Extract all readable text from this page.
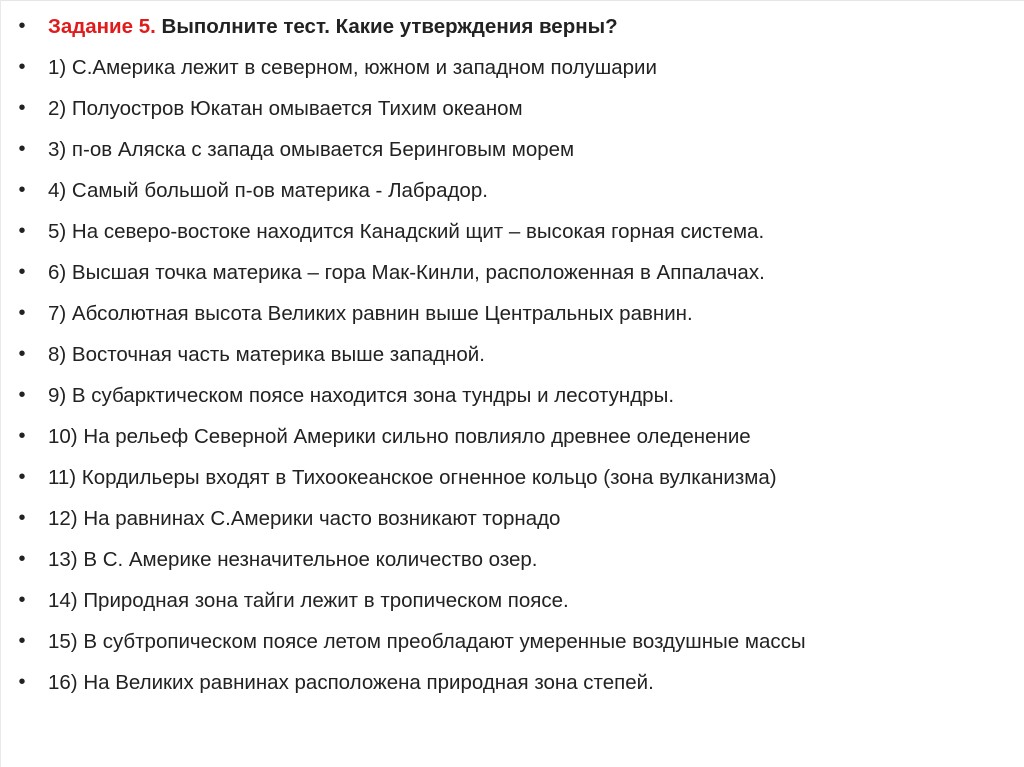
•	Задание 5. Выполните тест. Какие утверждения верны?
•	1) С.Америка лежит в северном, южном и западном полушарии
•	2) Полуостров Юкатан омывается Тихим океаном
•	3) п-ов Аляска с запада омывается Беринговым морем
•	4) Самый большой п-ов материка - Лабрадор.
•	5) На северо-востоке находится Канадский щит – высокая горная система.
•	6) Высшая точка материка – гора Мак-Кинли, расположенная в Аппалачах.
•	7) Абсолютная высота Великих равнин выше Центральных равнин.
•	8) Восточная часть материка выше западной.
•	9) В субарктическом поясе находится зона тундры и лесотундры.
•	10) На рельеф Северной Америки сильно повлияло древнее оледенение
•	11) Кордильеры входят в Тихоокеанское огненное кольцо (зона вулканизма)
•	12) На равнинах С.Америки часто возникают торнадо
•	13) В С. Америке незначительное количество озер.
•	14) Природная зона тайги лежит в тропическом поясе.
•	15) В субтропическом поясе летом преобладают умеренные воздушные массы
•	16) На Великих равнинах расположена природная зона степей.
